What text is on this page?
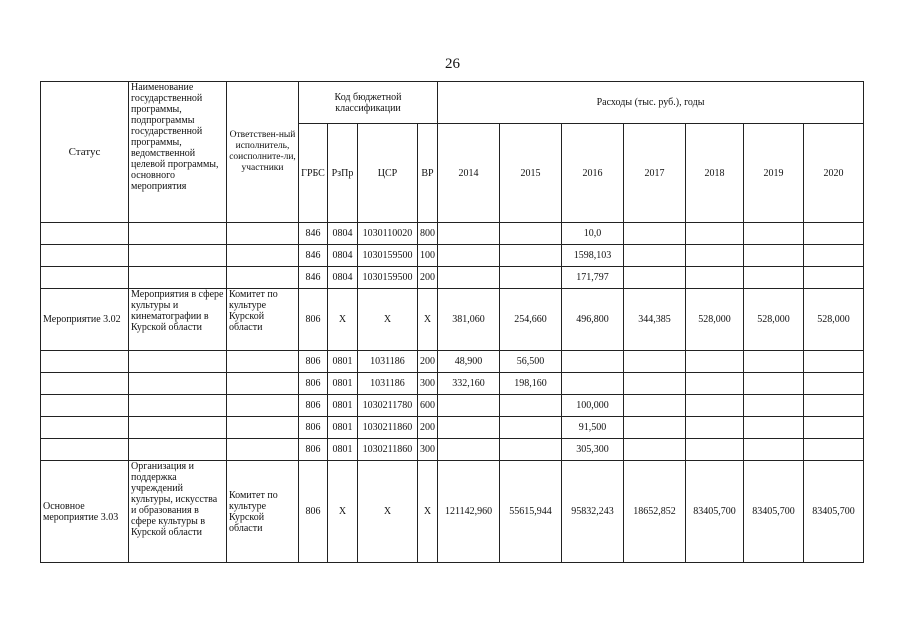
26
Статус	Наименование государственной программы, подпрограммы государственной программы, ведомственной целевой программы, основного мероприятия	Ответствен-ный исполнитель, соисполните-ли, участники	Код бюджетной классификации				Расходы (тыс. руб.), годы						
			ГРБС	РзПр	ЦСР	ВР	2014	2015	2016	2017	2018	2019	2020
			846	0804	1030110020	800			10,0				
			846	0804	1030159500	100			1598,103				
			846	0804	1030159500	200			171,797				
Мероприятие 3.02	Мероприятия в сфере культуры и кинематографии в Курской области	Комитет по культуре Курской области	806	Х	Х	Х	381,060	254,660	496,800	344,385	528,000	528,000	528,000
			806	0801	1031186	200	48,900	56,500					
			806	0801	1031186	300	332,160	198,160					
			806	0801	1030211780	600			100,000				
			806	0801	1030211860	200			91,500				
			806	0801	1030211860	300			305,300				
Основное мероприятие 3.03	Организация и поддержка учреждений культуры, искусства и образования в сфере культуры в Курской области	Комитет по культуре Курской области	806	Х	Х	Х	121142,960	55615,944	95832,243	18652,852	83405,700	83405,700	83405,700
